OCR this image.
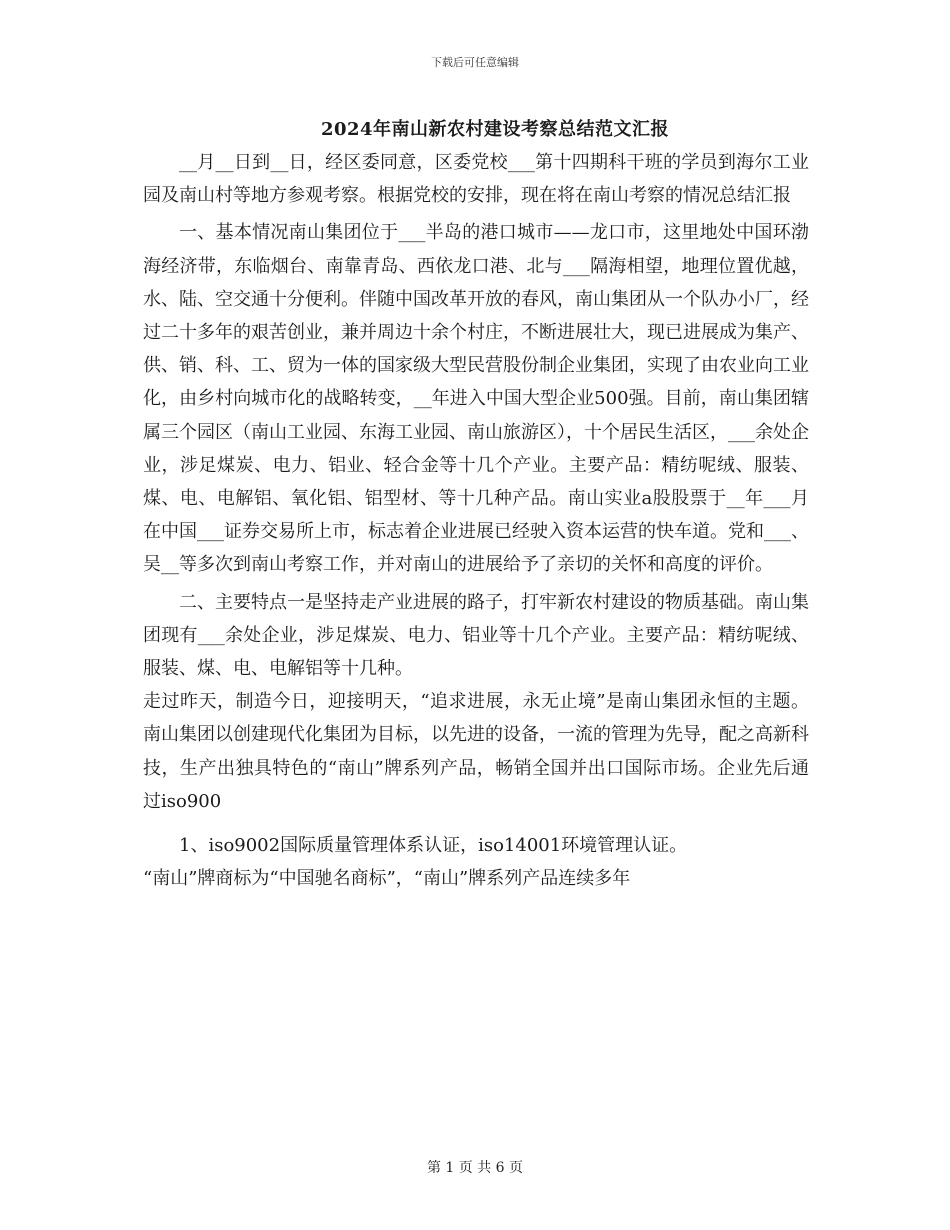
下载后可任意编辑
2024年南山新农村建设考察总结范文汇报

__月__日到__日，经区委同意，区委党校___第十四期科干班的学员到海尔工业园及南山村等地方参观考察。根据党校的安排，现在将在南山考察的情况总结汇报

一、基本情况南山集团位于___半岛的港口城市——龙口市，这里地处中国环渤海经济带，东临烟台、南靠青岛、西依龙口港、北与___隔海相望，地理位置优越，水、陆、空交通十分便利。伴随中国改革开放的春风，南山集团从一个队办小厂，经过二十多年的艰苦创业，兼并周边十余个村庄，不断进展壮大，现已进展成为集产、供、销、科、工、贸为一体的国家级大型民营股份制企业集团，实现了由农业向工业化，由乡村向城市化的战略转变，__年进入中国大型企业500强。目前，南山集团辖属三个园区（南山工业园、东海工业园、南山旅游区），十个居民生活区，___余处企业，涉足煤炭、电力、铝业、轻合金等十几个产业。主要产品：精纺呢绒、服装、煤、电、电解铝、氧化铝、铝型材、等十几种产品。南山实业a股股票于__年___月在中国___证券交易所上市，标志着企业进展已经驶入资本运营的快车道。党和___、吴__等多次到南山考察工作，并对南山的进展给予了亲切的关怀和高度的评价。

二、主要特点一是坚持走产业进展的路子，打牢新农村建设的物质基础。南山集团现有___余处企业，涉足煤炭、电力、铝业等十几个产业。主要产品：精纺呢绒、服装、煤、电、电解铝等十几种。

走过昨天，制造今日，迎接明天，“追求进展，永无止境”是南山集团永恒的主题。南山集团以创建现代化集团为目标，以先进的设备，一流的管理为先导，配之高新科技，生产出独具特色的“南山”牌系列产品，畅销全国并出口国际市场。企业先后通过iso900

1、iso9002国际质量管理体系认证，iso14001环境管理认证。

“南山”牌商标为“中国驰名商标”，“南山”牌系列产品连续多年

第 1 页 共 6 页
